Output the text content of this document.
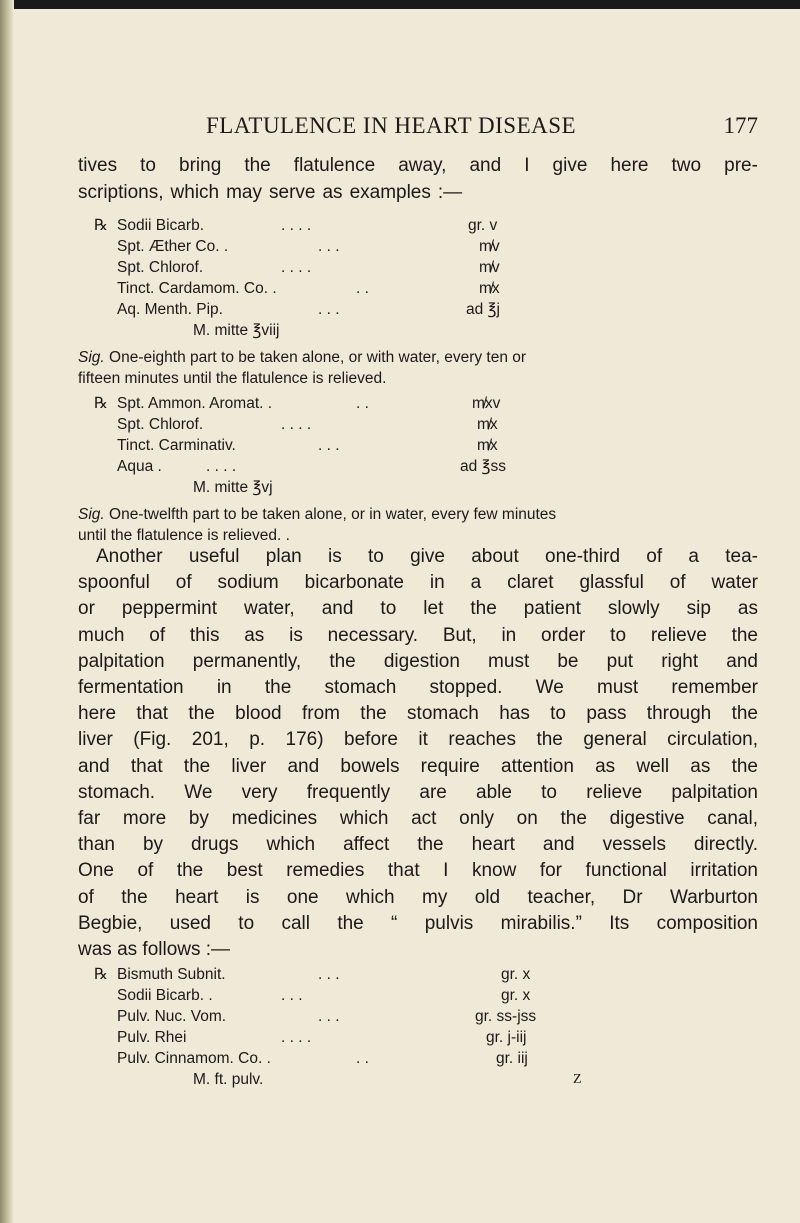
FLATULENCE IN HEART DISEASE	177
tives to bring the flatulence away, and I give here two pre-
scriptions, which may serve as examples :—
℞ Sodii Bicarb.	. . . .	gr. v
Spt. Æther Co. .	. . .	m̸v
Spt. Chlorof.	. . . .	m̸v
Tinct. Cardamom. Co. .	. .	m̸x
Aq. Menth. Pip.	. . .	ad ℥j
M. mitte ℥viij
Sig. One-eighth part to be taken alone, or with water, every ten or
fifteen minutes until the flatulence is relieved.
℞ Spt. Ammon. Aromat. .	. .	m̸xv
Spt. Chlorof.	. . . .	m̸x
Tinct. Carminativ.	. . .	m̸x
Aqua .	. . . .	ad ℥ss
M. mitte ℥vj
Sig. One-twelfth part to be taken alone, or in water, every few minutes
until the flatulence is relieved. .
Another useful plan is to give about one-third of a tea-
spoonful of sodium bicarbonate in a claret glassful of water
or peppermint water, and to let the patient slowly sip as
much of this as is necessary. But, in order to relieve the
palpitation permanently, the digestion must be put right and
fermentation in the stomach stopped. We must remember
here that the blood from the stomach has to pass through the
liver (Fig. 201, p. 176) before it reaches the general circulation,
and that the liver and bowels require attention as well as the
stomach. We very frequently are able to relieve palpitation
far more by medicines which act only on the digestive canal,
than by drugs which affect the heart and vessels directly.
One of the best remedies that I know for functional irritation
of the heart is one which my old teacher, Dr Warburton
Begbie, used to call the “ pulvis mirabilis.” Its composition
was as follows :—
℞ Bismuth Subnit.	. . .	gr. x
Sodii Bicarb. .	. . .	gr. x
Pulv. Nuc. Vom.	. . .	gr. ss-jss
Pulv. Rhei	. . . .	gr. j-iij
Pulv. Cinnamom. Co. .	. .	gr. iij
M. ft. pulv.	Z
